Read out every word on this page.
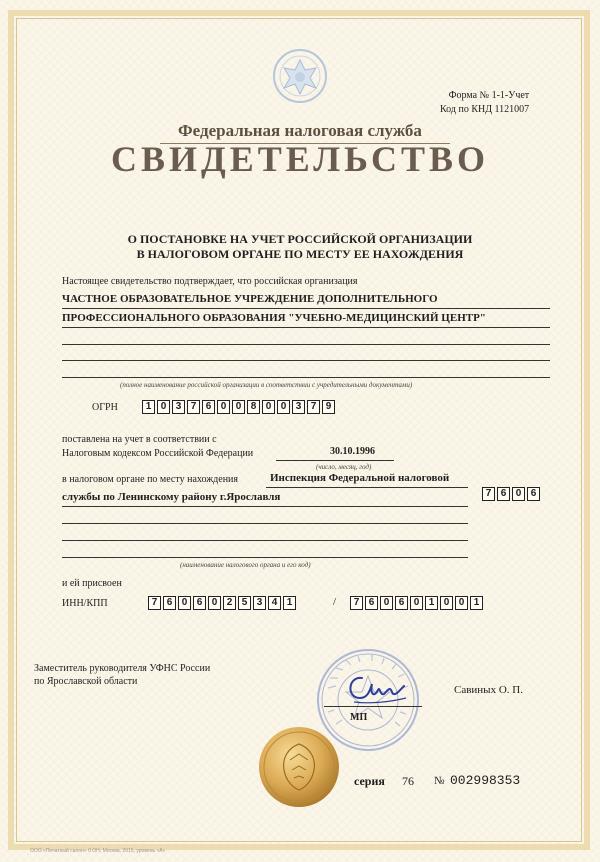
Форма № 1-1-Учет
Код по КНД 1121007
Федеральная налоговая служба
СВИДЕТЕЛЬСТВО
О ПОСТАНОВКЕ НА УЧЕТ РОССИЙСКОЙ ОРГАНИЗАЦИИ
В НАЛОГОВОМ ОРГАНЕ ПО МЕСТУ ЕЕ НАХОЖДЕНИЯ
Настоящее свидетельство подтверждает, что российская организация
ЧАСТНОЕ ОБРАЗОВАТЕЛЬНОЕ УЧРЕЖДЕНИЕ ДОПОЛНИТЕЛЬНОГО
ПРОФЕССИОНАЛЬНОГО ОБРАЗОВАНИЯ "УЧЕБНО-МЕДИЦИНСКИЙ ЦЕНТР"
(полное наименование российской организации в соответствии с учредительными документами)
ОГРН	1 0 3 7 6 0 0 8 0 0 3 7 9
поставлена на учет в соответствии с
Налоговым кодексом Российской Федерации	30.10.1996
(число, месяц, год)
в налоговом органе по месту нахождения	Инспекция Федеральной налоговой
службы по Ленинскому району г.Ярославля	7 6 0 6
(наименование налогового органа и его код)
и ей присвоен
ИНН/КПП	7 6 0 6 0 2 5 3 4 1	/	7 6 0 6 0 1 0 0 1
Заместитель руководителя УФНС России
по Ярославской области
Савиных О. П.
МП
серия 76 № 002998353
ООО «Печатный салон» 0 ОН, Москва, 2015, уровень «А»
